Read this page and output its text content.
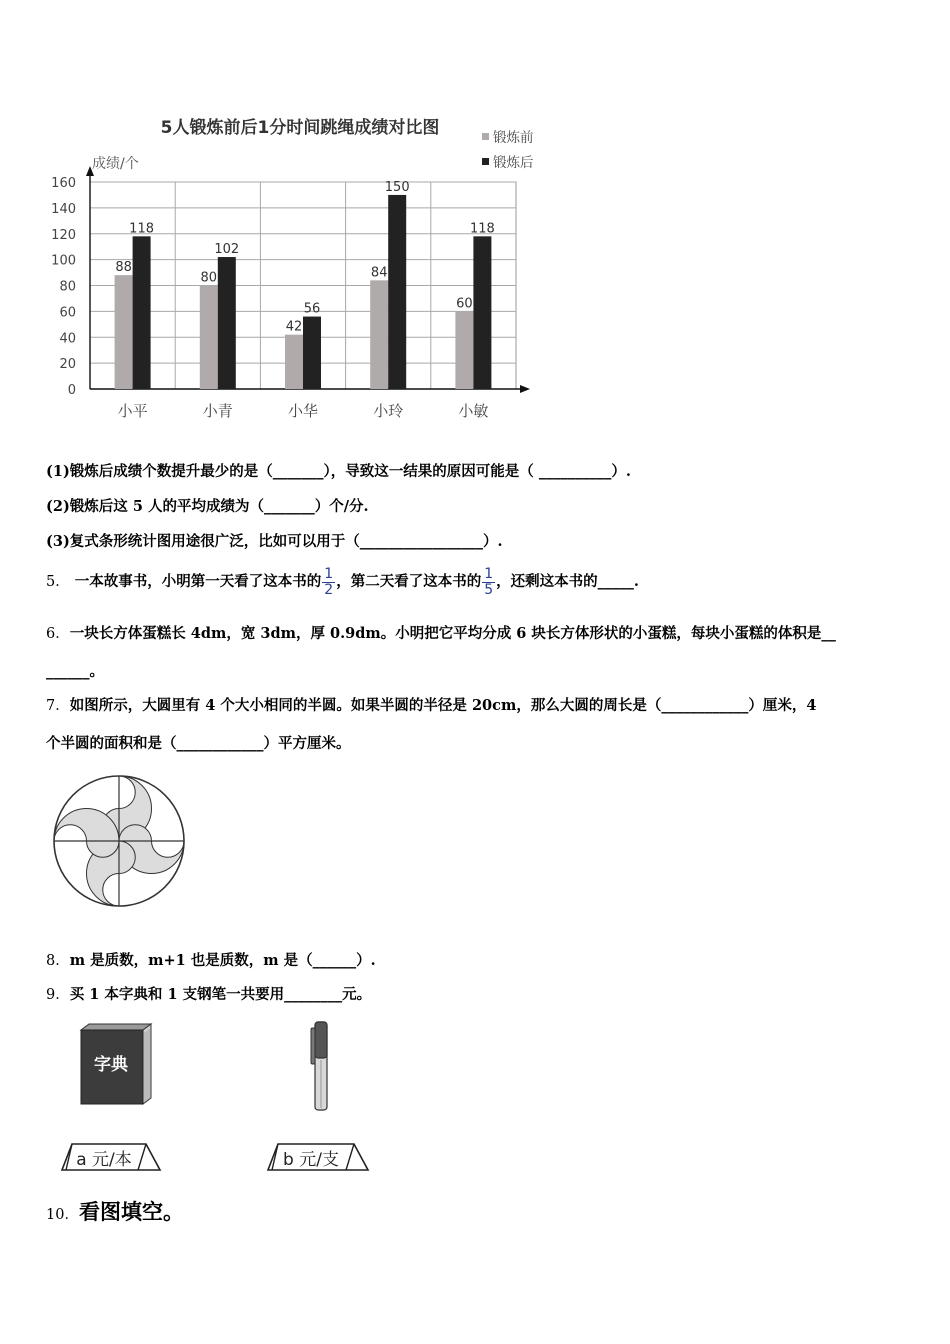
5人锻炼前后1分时间跳绳成绩对比图
成绩/个
0
20
40
60
80
100
120
140
160
88
118
小平
80
102
小青
42
56
小华
84
150
小玲
60
118
小敏
锻炼前
锻炼后
(1)锻炼后成绩个数提升最少的是（_______），导致这一结果的原因可能是（ __________）.
(2)锻炼后这 5 人的平均成绩为（_______）个/分.
(3)复式条形统计图用途很广泛，比如可以用于（_________________）.
5． 一本故事书，小明第一天看了这本书的 $\frac{1}{2}$ ，第二天看了这本书的 $\frac{1}{5}$ ，还剩这本书的_____.
6．一块长方体蛋糕长 4dm，宽 3dm，厚 0.9dm。小明把它平均分成 6 块长方体形状的小蛋糕，每块小蛋糕的体积是__
______。
7．如图所示，大圆里有 4 个大小相同的半圆。如果半圆的半径是 20cm，那么大圆的周长是（____________）厘米，4
个半圆的面积和是（____________）平方厘米。
8．m 是质数，m+1 也是质数，m 是（______）.
9．买 1 本字典和 1 支钢笔一共要用________元。
字典
a 元/本	b 元/支
10．看图填空。
